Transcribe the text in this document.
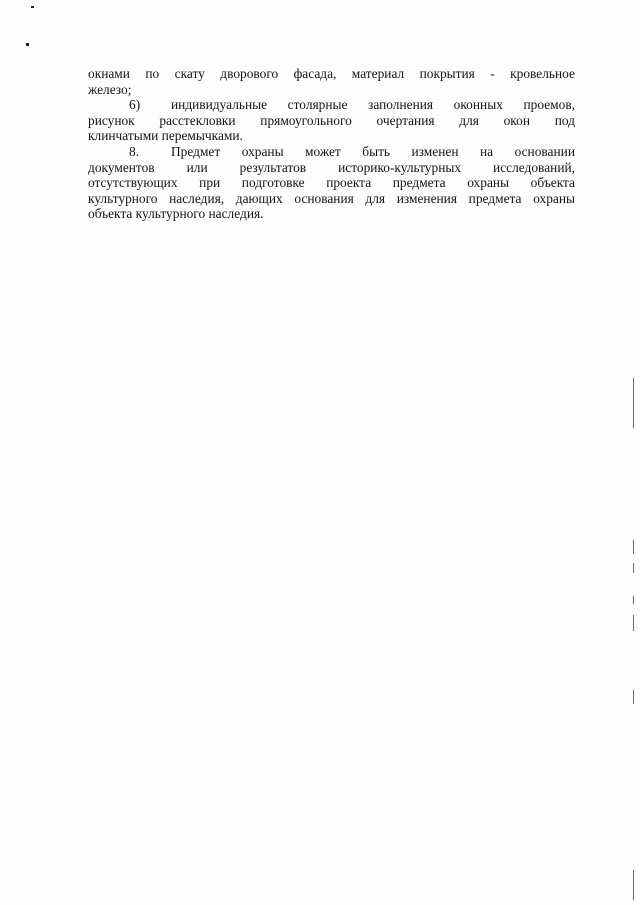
окнами по скату дворового фасада, материал покрытия - кровельное
железо;
6) индивидуальные столярные заполнения оконных проемов,
рисунок расстекловки прямоугольного очертания для окон под
клинчатыми перемычками.
8. Предмет охраны может быть изменен на основании
документов или результатов историко-культурных исследований,
отсутствующих при подготовке проекта предмета охраны объекта
культурного наследия, дающих основания для изменения предмета охраны
объекта культурного наследия.
